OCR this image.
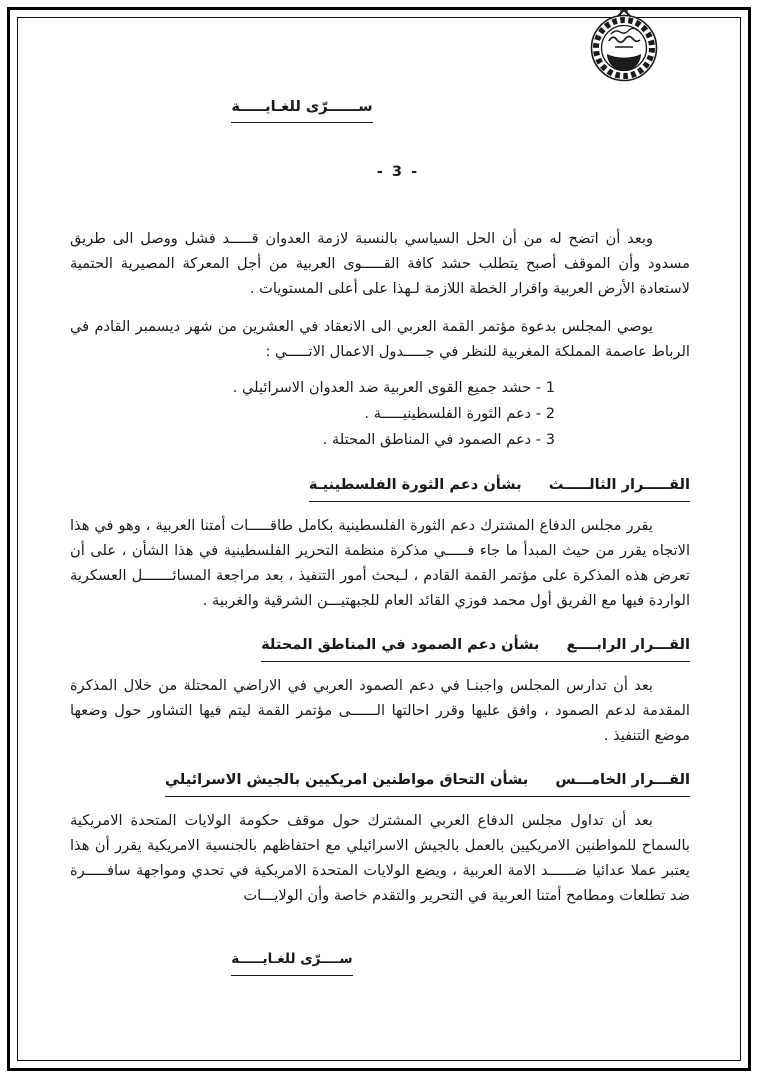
ســــــرّى للغـايـــــة
- 3 -

وبعد أن اتضح له من أن الحل السياسي بالنسبة لازمة العدوان قـــــد فشل ووصل الى طريق مسدود وأن الموقف أصبح يتطلب حشد كافة القـــــوى العربية من أجل المعركة المصيرية الحتمية لاستعادة الأرض العربية واقرار الخطة اللازمة لـهذا على أعلى المستويات .

يوصي المجلس بدعوة مؤتمر القمة العربي الى الانعقاد في العشرين من شهر ديسمبر القادم في الرباط عاصمة المملكة المغربية للنظر في جـــــدول الاعمال الاتـــــي :

1 - حشد جميع القوى العربية ضد العدوان الاسرائيلي .
2 - دعم الثورة الفلسطينيـــــة .
3 - دعم الصمود في المناطق المحتلة .
القـــــرار الثالـــــث بشأن دعم الثورة الفلسطينيـة

يقرر مجلس الدفاع المشترك دعم الثورة الفلسطينية بكامل طاقـــــات أمتنا العربية ، وهو في هذا الاتجاه يقرر من حيث المبدأ ما جاء فـــــي مذكرة منظمة التحرير الفلسطينية في هذا الشأن ، على أن تعرض هذه المذكرة على مؤتمر القمة القادم ، لـبحث أمور التنفيذ ، بعد مراجعة المسائـــــــل العسكرية الواردة فيها مع الفريق أول محمد فوزي القائد العام للجبهتيـــن الشرقية والغربية .

القـــرار الرابــــع بشأن دعم الصمود في المناطق المحتلة

بعد أن تدارس المجلس واجبنـا في دعم الصمود العربي في الاراضي المحتلة من خلال المذكرة المقدمة لدعم الصمود ، وافق عليها وقرر احالتها الــــــى مؤتمر القمة ليتم فيها التشاور حول وضعها موضع التنفيذ .

القـــرار الخامـــس بشأن التحاق مواطنين امريكيين بالجيش الاسرائيلي

بعد أن تداول مجلس الدفاع العربي المشترك حول موقف حكومة الولايات المتحدة الامريكية بالسماح للمواطنين الامريكيين بالعمل بالجيش الاسرائيلي مع احتفاظهم بالجنسية الامريكية يقرر أن هذا يعتبر عملا عدائيا ضــــــد الامة العربية ، ويضع الولايات المتحدة الامريكية في تحدي ومواجهة سافـــــرة ضد تطلعات ومطامح أمتنا العربية في التحرير والتقدم خاصة وأن الولايـــات

ســــرّى للغـايـــــة
